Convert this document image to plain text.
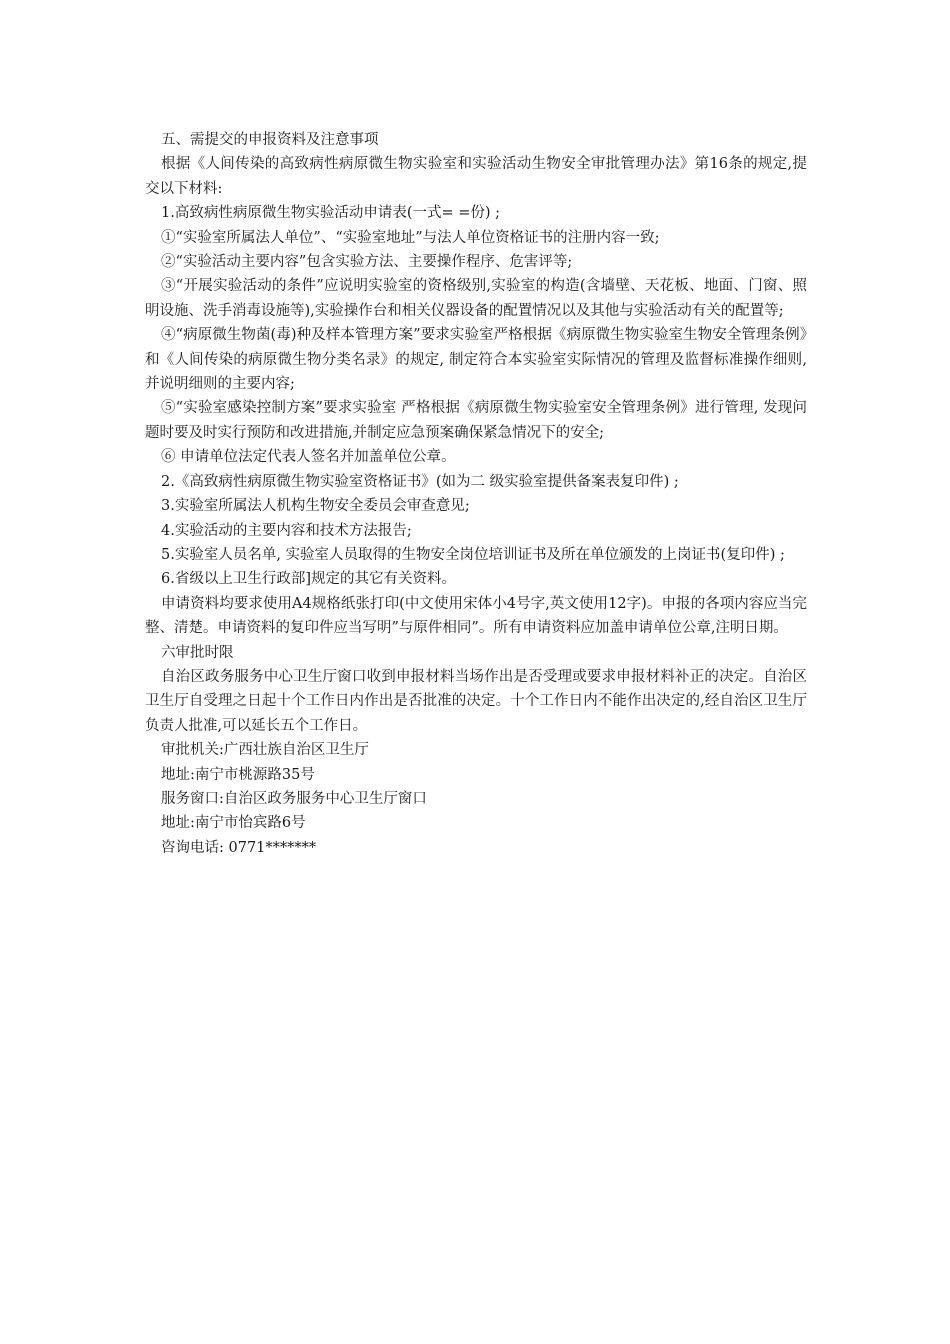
五、需提交的申报资料及注意事项

根据《人间传染的高致病性病原微生物实验室和实验活动生物安全审批管理办法》第16条的规定,提交以下材料:

1.高致病性病原微生物实验活动申请表(一式= =份) ;

①“实验室所属法人单位”、“实验室地址”与法人单位资格证书的注册内容一致;

②“实验活动主要内容”包含实验方法、主要操作程序、危害评等;

③“开展实验活动的条件”应说明实验室的资格级别,实验室的构造(含墙壁、天花板、地面、门窗、照明设施、洗手消毒设施等),实验操作台和相关仪器设备的配置情况以及其他与实验活动有关的配置等;

④“病原微生物菌(毒)种及样本管理方案”要求实验室严格根据《病原微生物实验室生物安全管理条例》和《人间传染的病原微生物分类名录》的规定, 制定符合本实验室实际情况的管理及监督标准操作细则,并说明细则的主要内容;

⑤“实验室感染控制方案”要求实验室 严格根据《病原微生物实验室安全管理条例》进行管理, 发现问题时要及时实行预防和改进措施,并制定应急预案确保紧急情况下的安全;

⑥ 申请单位法定代表人签名并加盖单位公章。

2.《高致病性病原微生物实验室资格证书》(如为二 级实验室提供备案表复印件) ;

3.实验室所属法人机构生物安全委员会审查意见;

4.实验活动的主要内容和技术方法报告;

5.实验室人员名单, 实验室人员取得的生物安全岗位培训证书及所在单位颁发的上岗证书(复印件) ;

6.省级以上卫生行政部]规定的其它有关资料。

申请资料均要求使用A4规格纸张打印(中文使用宋体小4号字,英文使用12字)。申报的各项内容应当完整、清楚。申请资料的复印件应当写明”与原件相同”。所有申请资料应加盖申请单位公章,注明日期。

六审批时限

自治区政务服务中心卫生厅窗口收到申报材料当场作出是否受理或要求申报材料补正的决定。自治区卫生厅自受理之日起十个工作日内作出是否批准的决定。十个工作日内不能作出决定的,经自治区卫生厅负责人批准,可以延长五个工作日。

审批机关:广西壮族自治区卫生厅

地址:南宁市桃源路35号

服务窗口:自治区政务服务中心卫生厅窗口

地址:南宁市怡宾路6号

咨询电话: 0771*******
